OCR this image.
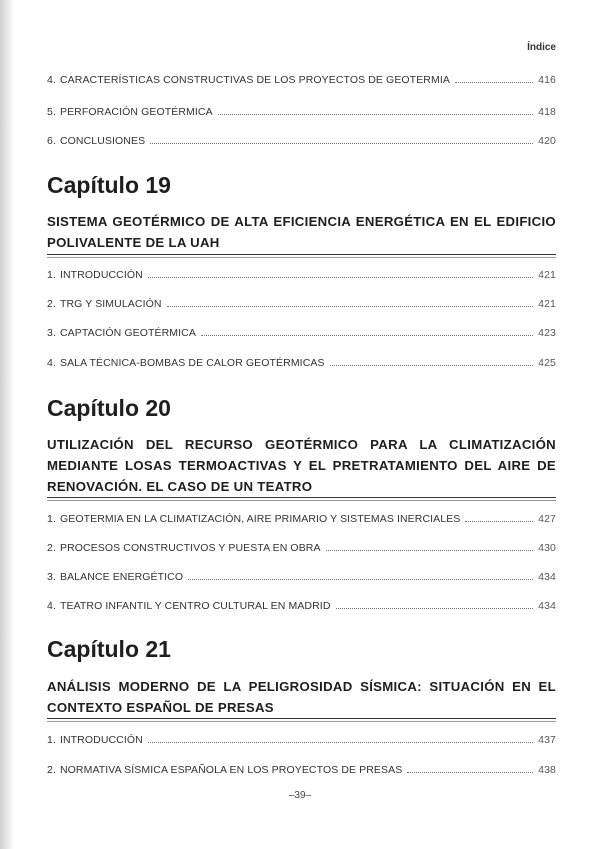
Índice
4. CARACTERÍSTICAS CONSTRUCTIVAS DE LOS PROYECTOS DE GEOTERMIA	416
5. PERFORACIÓN GEOTÉRMICA	418
6. CONCLUSIONES	420
Capítulo 19
SISTEMA GEOTÉRMICO DE ALTA EFICIENCIA ENERGÉTICA EN EL EDIFICIO POLIVALENTE DE LA UAH
1. INTRODUCCIÓN	421
2. TRG Y SIMULACIÓN	421
3. CAPTACIÓN GEOTÉRMICA	423
4. SALA TÉCNICA-BOMBAS DE CALOR GEOTÉRMICAS	425
Capítulo 20
UTILIZACIÓN DEL RECURSO GEOTÉRMICO PARA LA CLIMATIZACIÓN MEDIANTE LOSAS TERMOACTIVAS Y EL PRETRATAMIENTO DEL AIRE DE RENOVACIÓN. EL CASO DE UN TEATRO
1. GEOTERMIA EN LA CLIMATIZACIÓN, AIRE PRIMARIO Y SISTEMAS INERCIALES	427
2. PROCESOS CONSTRUCTIVOS Y PUESTA EN OBRA	430
3. BALANCE ENERGÉTICO	434
4. TEATRO INFANTIL Y CENTRO CULTURAL EN MADRID	434
Capítulo 21
ANÁLISIS MODERNO DE LA PELIGROSIDAD SÍSMICA: SITUACIÓN EN EL CONTEXTO ESPAÑOL DE PRESAS
1. INTRODUCCIÓN	437
2. NORMATIVA SÍSMICA ESPAÑOLA EN LOS PROYECTOS DE PRESAS	438
–39–
